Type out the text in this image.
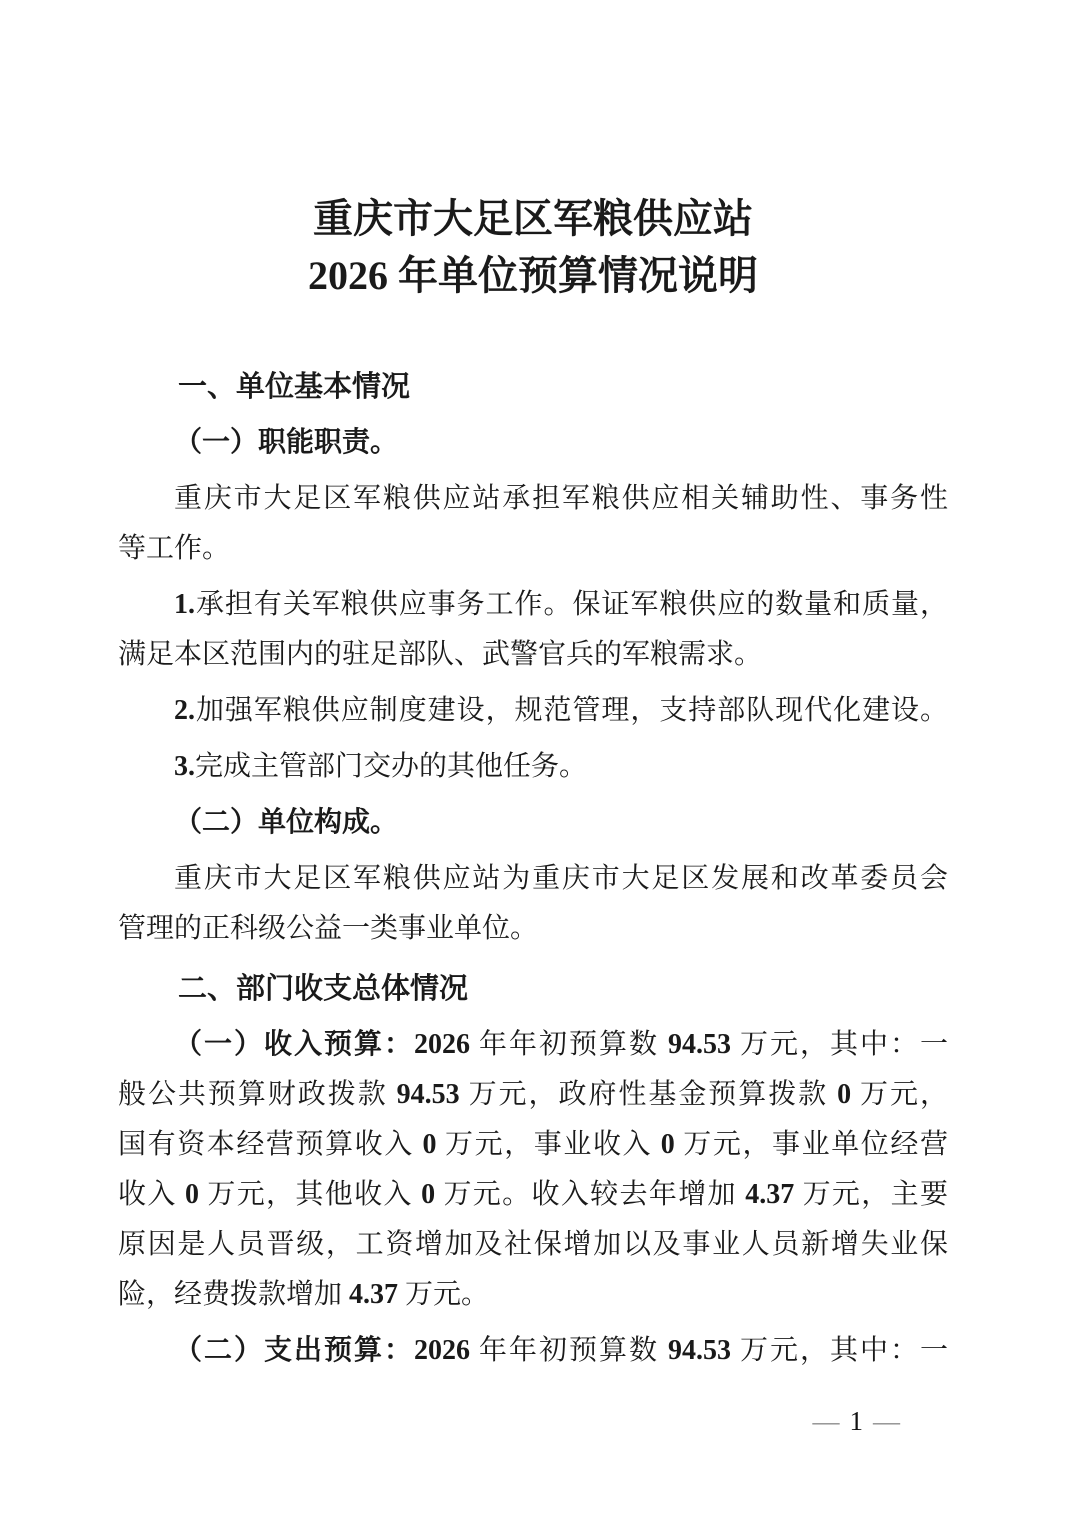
重庆市大足区军粮供应站
2026 年单位预算情况说明
一、单位基本情况
（一）职能职责。
重庆市大足区军粮供应站承担军粮供应相关辅助性、事务性
等工作。
1.承担有关军粮供应事务工作。保证军粮供应的数量和质量，
满足本区范围内的驻足部队、武警官兵的军粮需求。
2.加强军粮供应制度建设，规范管理，支持部队现代化建设。
3.完成主管部门交办的其他任务。
（二）单位构成。
重庆市大足区军粮供应站为重庆市大足区发展和改革委员会
管理的正科级公益一类事业单位。
二、部门收支总体情况
（一）收入预算：2026 年年初预算数 94.53 万元，其中：一
般公共预算财政拨款 94.53 万元，政府性基金预算拨款 0 万元，
国有资本经营预算收入 0 万元，事业收入 0 万元，事业单位经营
收入 0 万元，其他收入 0 万元。收入较去年增加 4.37 万元，主要
原因是人员晋级，工资增加及社保增加以及事业人员新增失业保
险，经费拨款增加 4.37 万元。
（二）支出预算：2026 年年初预算数 94.53 万元，其中：一
— 1 —
